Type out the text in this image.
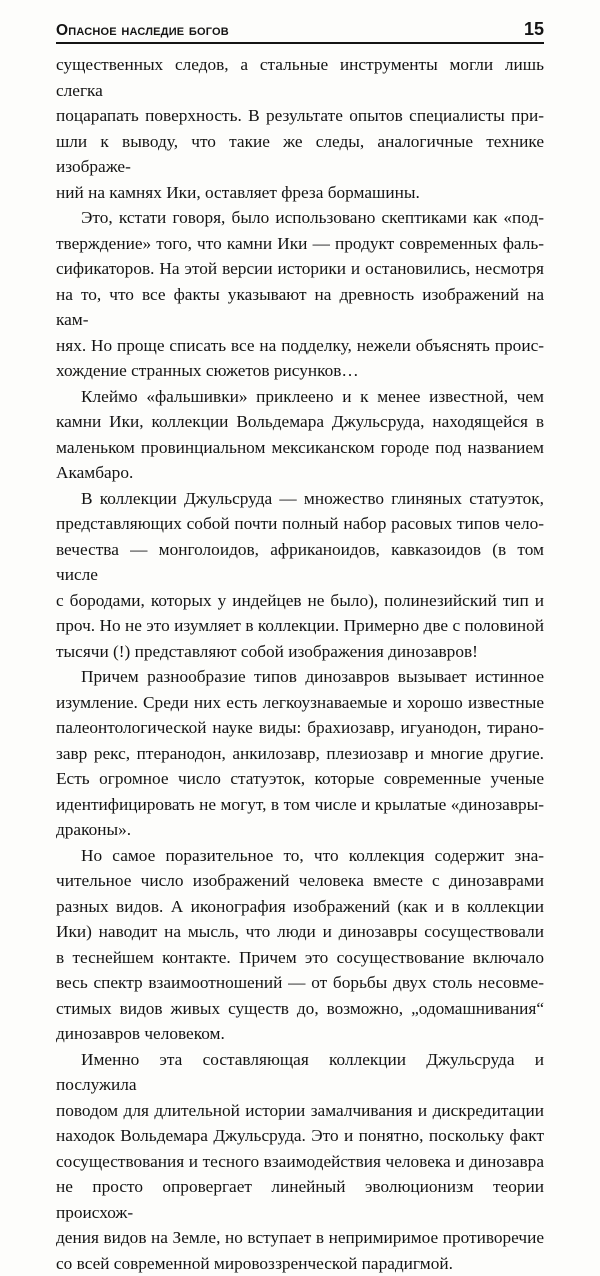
Опасное наследие богов	15

существенных следов, а стальные инструменты могли лишь слегка
поцарапать поверхность. В результате опытов специалисты при-
шли к выводу, что такие же следы, аналогичные технике изображе-
ний на камнях Ики, оставляет фреза бормашины.

Это, кстати говоря, было использовано скептиками как «под-
тверждение» того, что камни Ики — продукт современных фаль-
сификаторов. На этой версии историки и остановились, несмотря
на то, что все факты указывают на древность изображений на кам-
нях. Но проще списать все на подделку, нежели объяснять проис-
хождение странных сюжетов рисунков…

Клеймо «фальшивки» приклеено и к менее известной, чем
камни Ики, коллекции Вольдемара Джульсруда, находящейся в
маленьком провинциальном мексиканском городе под названием
Акамбаро.

В коллекции Джульсруда — множество глиняных статуэток,
представляющих собой почти полный набор расовых типов чело-
вечества — монголоидов, африканоидов, кавказоидов (в том числе
с бородами, которых у индейцев не было), полинезийский тип и
проч. Но не это изумляет в коллекции. Примерно две с половиной
тысячи (!) представляют собой изображения динозавров!

Причем разнообразие типов динозавров вызывает истинное
изумление. Среди них есть легкоузнаваемые и хорошо известные
палеонтологической науке виды: брахиозавр, игуанодон, тирано-
завр рекс, птеранодон, анкилозавр, плезиозавр и многие другие.
Есть огромное число статуэток, которые современные ученые
идентифицировать не могут, в том числе и крылатые «динозавры-
драконы».

Но самое поразительное то, что коллекция содержит зна-
чительное число изображений человека вместе с динозаврами
разных видов. А иконография изображений (как и в коллекции
Ики) наводит на мысль, что люди и динозавры сосуществовали
в теснейшем контакте. Причем это сосуществование включало
весь спектр взаимоотношений — от борьбы двух столь несовме-
стимых видов живых существ до, возможно, „одомашнивания“
динозавров человеком.

Именно эта составляющая коллекции Джульсруда и послужила
поводом для длительной истории замалчивания и дискредитации
находок Вольдемара Джульсруда. Это и понятно, поскольку факт
сосуществования и тесного взаимодействия человека и динозавра
не просто опровергает линейный эволюционизм теории происхож-
дения видов на Земле, но вступает в непримиримое противоречие
со всей современной мировоззренческой парадигмой.
